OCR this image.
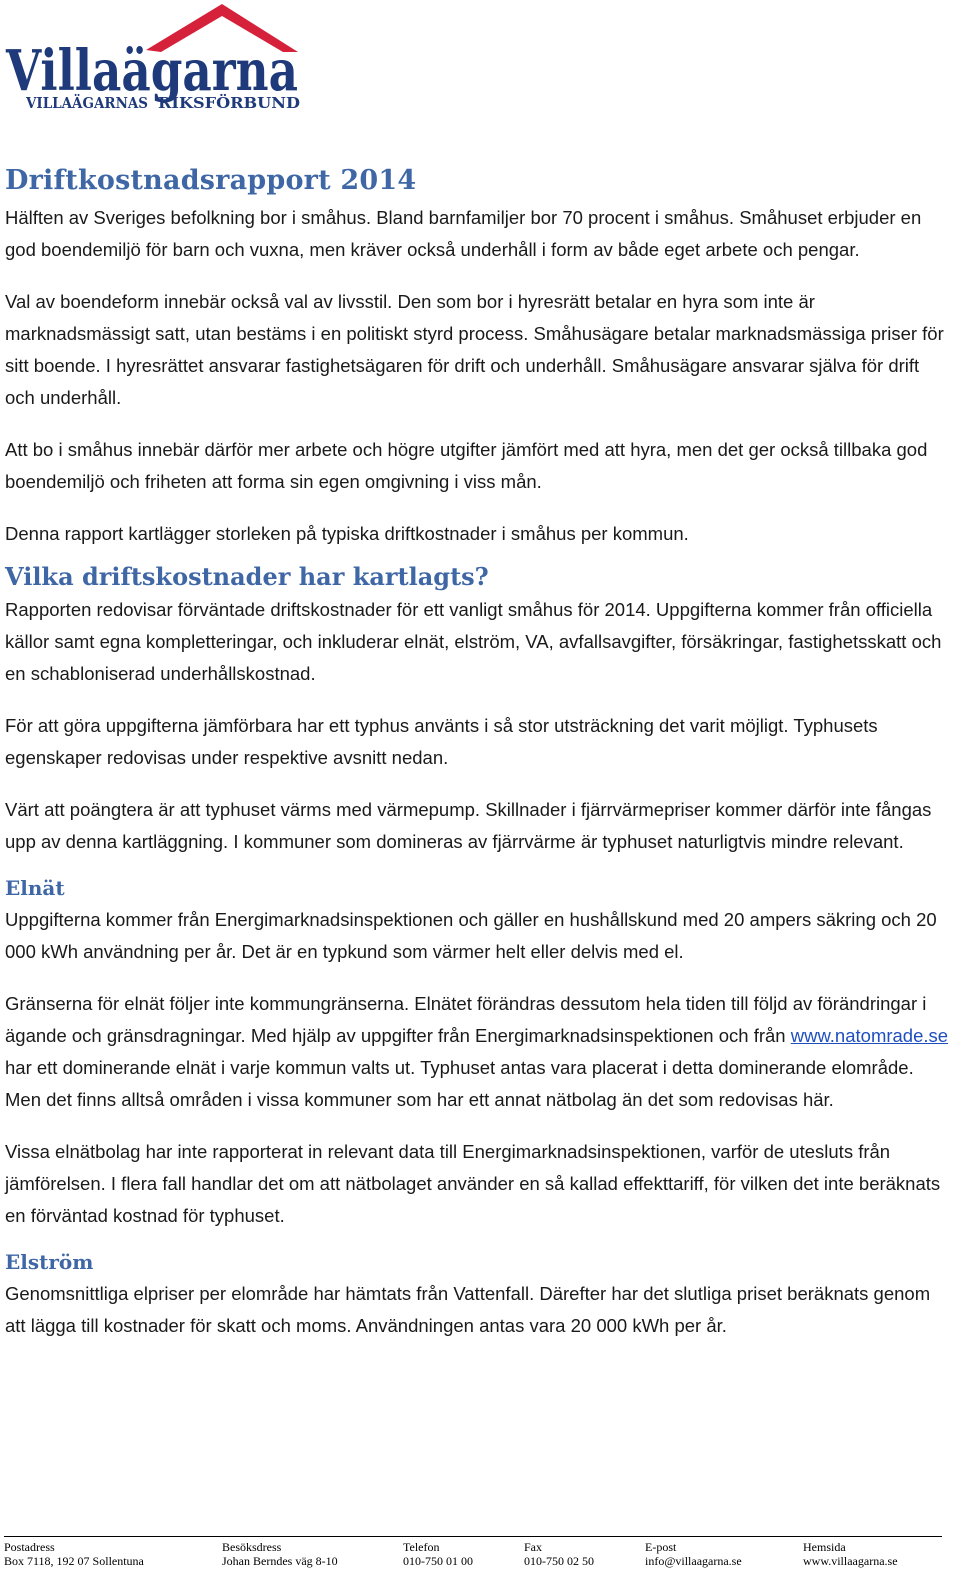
Villaägarna
VILLAÄGARNAS
RIKSFÖRBUND
Driftkostnadsrapport 2014

Hälften av Sveriges befolkning bor i småhus. Bland barnfamiljer bor 70 procent i småhus. Småhuset erbjuder en god boendemiljö för barn och vuxna, men kräver också underhåll i form av både eget arbete och pengar.

Val av boendeform innebär också val av livsstil. Den som bor i hyresrätt betalar en hyra som inte är marknadsmässigt satt, utan bestäms i en politiskt styrd process. Småhusägare betalar marknadsmässiga priser för sitt boende. I hyresrättet ansvarar fastighetsägaren för drift och underhåll. Småhusägare ansvarar själva för drift och underhåll.

Att bo i småhus innebär därför mer arbete och högre utgifter jämfört med att hyra, men det ger också tillbaka god boendemiljö och friheten att forma sin egen omgivning i viss mån.

Denna rapport kartlägger storleken på typiska driftkostnader i småhus per kommun.

Vilka driftskostnader har kartlagts?

Rapporten redovisar förväntade driftskostnader för ett vanligt småhus för 2014. Uppgifterna kommer från officiella källor samt egna kompletteringar, och inkluderar elnät, elström, VA, avfallsavgifter, försäkringar, fastighetsskatt och en schabloniserad underhållskostnad.

För att göra uppgifterna jämförbara har ett typhus använts i så stor utsträckning det varit möjligt. Typhusets egenskaper redovisas under respektive avsnitt nedan.

Värt att poängtera är att typhuset värms med värmepump. Skillnader i fjärrvärmepriser kommer därför inte fångas upp av denna kartläggning. I kommuner som domineras av fjärrvärme är typhuset naturligtvis mindre relevant.

Elnät

Uppgifterna kommer från Energimarknadsinspektionen och gäller en hushållskund med 20 ampers säkring och 20 000 kWh användning per år. Det är en typkund som värmer helt eller delvis med el.

Gränserna för elnät följer inte kommungränserna. Elnätet förändras dessutom hela tiden till följd av förändringar i ägande och gränsdragningar. Med hjälp av uppgifter från Energimarknadsinspektionen och från www.natomrade.se har ett dominerande elnät i varje kommun valts ut. Typhuset antas vara placerat i detta dominerande elområde. Men det finns alltså områden i vissa kommuner som har ett annat nätbolag än det som redovisas här.

Vissa elnätbolag har inte rapporterat in relevant data till Energimarknadsinspektionen, varför de utesluts från jämförelsen. I flera fall handlar det om att nätbolaget använder en så kallad effekttariff, för vilken det inte beräknats en förväntad kostnad för typhuset.

Elström

Genomsnittliga elpriser per elområde har hämtats från Vattenfall. Därefter har det slutliga priset beräknats genom att lägga till kostnader för skatt och moms. Användningen antas vara 20 000 kWh per år.

Postadress
Box 7118, 192 07 Sollentuna
Besöksdress
Johan Berndes väg 8-10
Telefon
010-750 01 00
Fax
010-750 02 50
E-post
info@villaagarna.se
Hemsida
www.villaagarna.se
